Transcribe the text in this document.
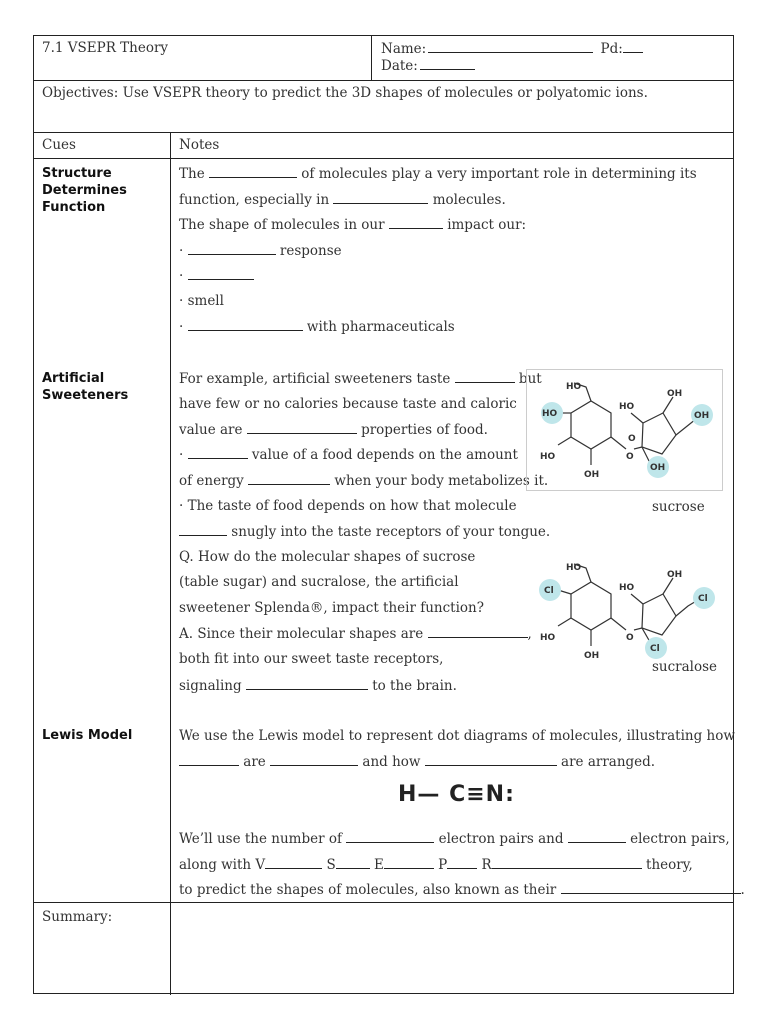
7.1 VSEPR Theory	Name:	Pd:
Date:
Objectives: Use VSEPR theory to predict the 3D shapes of molecules or polyatomic ions.
Cues	Notes
Structure Determines Function
The	of molecules play a very important role in determining its
function, especially in	molecules.
The shape of molecules in our	impact our:
·	response
·
· smell
·	with pharmaceuticals
Artificial Sweeteners
For example, artificial sweeteners taste	but
have few or no calories because taste and caloric
value are	properties of food.
·	value of a food depends on the amount
of energy	when your body metabolizes it.
· The taste of food depends on how that molecule
snugly into the taste receptors of your tongue.
Q. How do the molecular shapes of sucrose
(table sugar) and sucralose, the artificial
sweetener Splenda®, impact their function?
A. Since their molecular shapes are	,
both fit into our sweet taste receptors,
signaling	to the brain.
HO
HO
HO
OH
O
HO
OH
OH
OH
O
sucrose
HO
Cl
HO
OH
O
HO
OH
Cl
Cl
sucralose
Lewis Model	We use the Lewis model to represent dot diagrams of molecules, illustrating how
are	and how	are arranged.
H— C≡N:
We’ll use the number of	electron pairs and	electron pairs,
along with V	S	E	P	R	theory,
to predict the shapes of molecules, also known as their	.
Summary:
